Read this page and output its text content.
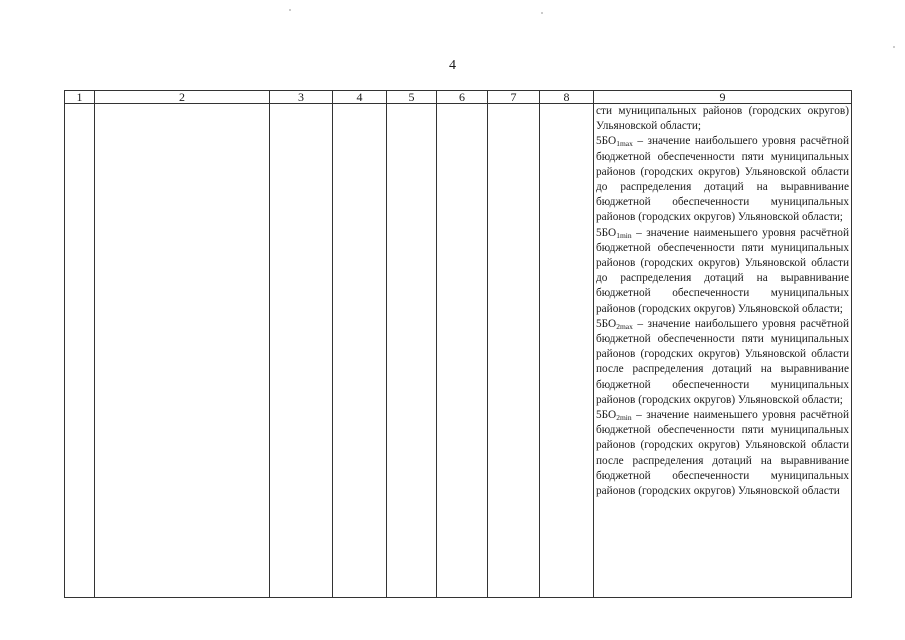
4
1	2	3	4	5	6	7	8	9

								сти муниципальных районов (городских округов) Ульяновской области;

$5БО_{1max}$ – значение наибольшего уровня расчётной бюджетной обеспеченности пяти муниципальных районов (городских округов) Ульяновской области до распределения дотаций на выравнивание бюджетной обеспеченности муниципальных районов (городских округов) Ульяновской области;

$5БО_{1min}$ – значение наименьшего уровня расчётной бюджетной обеспеченности пяти муниципальных районов (городских округов) Ульяновской области до распределения дотаций на выравнивание бюджетной обеспеченности муниципальных районов (городских округов) Ульяновской области;

$5БО_{2max}$ – значение наибольшего уровня расчётной бюджетной обеспеченности пяти муниципальных районов (городских округов) Ульяновской области после распределения дотаций на выравнивание бюджетной обеспеченности муниципальных районов (городских округов) Ульяновской области;

$5БО_{2min}$ – значение наименьшего уровня расчётной бюджетной обеспеченности пяти муниципальных районов (городских округов) Ульяновской области после распределения дотаций на выравнивание бюджетной обеспеченности муниципальных районов (городских округов) Ульяновской области
